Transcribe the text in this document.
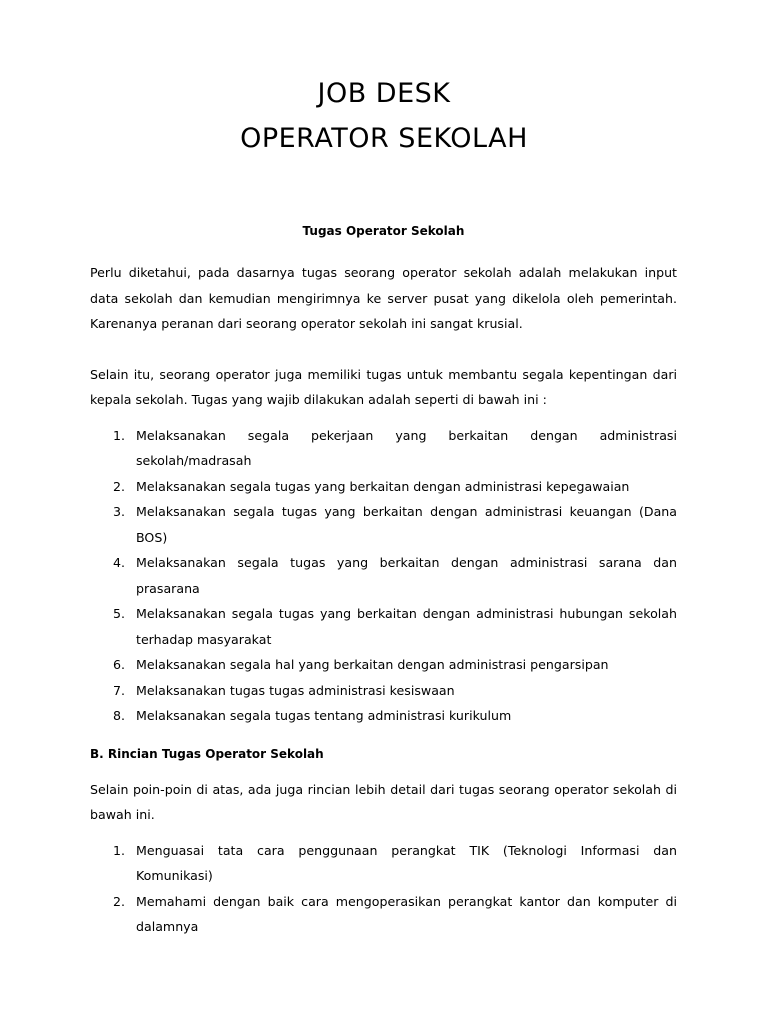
JOB DESK
OPERATOR SEKOLAH

Tugas Operator Sekolah

Perlu diketahui, pada dasarnya tugas seorang operator sekolah adalah melakukan input data sekolah dan kemudian mengirimnya ke server pusat yang dikelola oleh pemerintah. Karenanya peranan dari seorang operator sekolah ini sangat krusial.

Selain itu, seorang operator juga memiliki tugas untuk membantu segala kepentingan dari kepala sekolah. Tugas yang wajib dilakukan adalah seperti di bawah ini :

1. Melaksanakan segala pekerjaan yang berkaitan dengan administrasi sekolah/madrasah
2. Melaksanakan segala tugas yang berkaitan dengan administrasi kepegawaian
3. Melaksanakan segala tugas yang berkaitan dengan administrasi keuangan (Dana BOS)
4. Melaksanakan segala tugas yang berkaitan dengan administrasi sarana dan prasarana
5. Melaksanakan segala tugas yang berkaitan dengan administrasi hubungan sekolah terhadap masyarakat
6. Melaksanakan segala hal yang berkaitan dengan administrasi pengarsipan
7. Melaksanakan tugas tugas administrasi kesiswaan
8. Melaksanakan segala tugas tentang administrasi kurikulum

B. Rincian Tugas Operator Sekolah

Selain poin-poin di atas, ada juga rincian lebih detail dari tugas seorang operator sekolah di bawah ini.

1. Menguasai tata cara penggunaan perangkat TIK (Teknologi Informasi dan Komunikasi)
2. Memahami dengan baik cara mengoperasikan perangkat kantor dan komputer di dalamnya
